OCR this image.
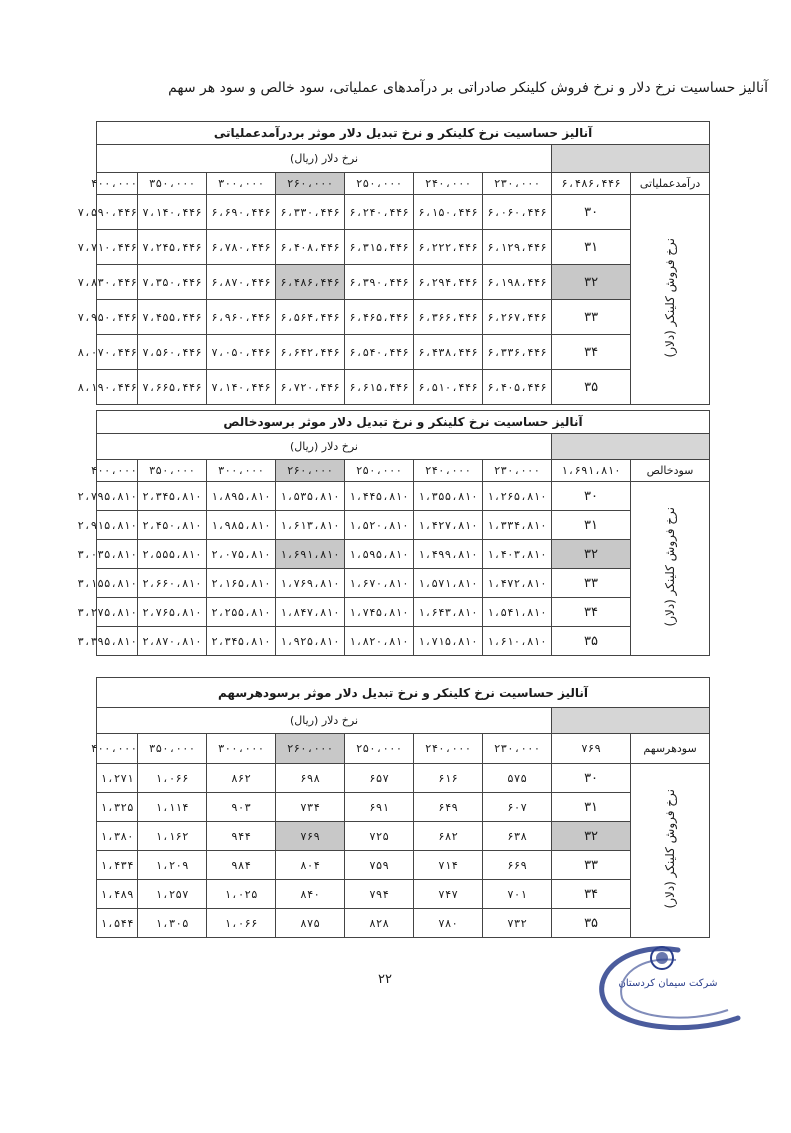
آنالیز حساسیت نرخ دلار و نرخ فروش کلینکر صادراتی بر درآمدهای عملیاتی، سود خالص و سود هر سهم
آنالیز حساسیت نرخ کلینکر و نرخ تبدیل دلار موثر بردرآمدعملیاتی								
		نرخ دلار (ریال)						
درآمدعملیاتی	۶،۴۸۶،۴۴۶	۲۳۰،۰۰۰	۲۴۰،۰۰۰	۲۵۰،۰۰۰	۲۶۰،۰۰۰	۳۰۰،۰۰۰	۳۵۰،۰۰۰	۴۰۰،۰۰۰
نرخ فروش کلینکر (دلار)	۳۰	۶،۰۶۰،۴۴۶	۶،۱۵۰،۴۴۶	۶،۲۴۰،۴۴۶	۶،۳۳۰،۴۴۶	۶،۶۹۰،۴۴۶	۷،۱۴۰،۴۴۶	۷،۵۹۰،۴۴۶
	۳۱	۶،۱۲۹،۴۴۶	۶،۲۲۲،۴۴۶	۶،۳۱۵،۴۴۶	۶،۴۰۸،۴۴۶	۶،۷۸۰،۴۴۶	۷،۲۴۵،۴۴۶	۷،۷۱۰،۴۴۶
	۳۲	۶،۱۹۸،۴۴۶	۶،۲۹۴،۴۴۶	۶،۳۹۰،۴۴۶	۶،۴۸۶،۴۴۶	۶،۸۷۰،۴۴۶	۷،۳۵۰،۴۴۶	۷،۸۳۰،۴۴۶
	۳۳	۶،۲۶۷،۴۴۶	۶،۳۶۶،۴۴۶	۶،۴۶۵،۴۴۶	۶،۵۶۴،۴۴۶	۶،۹۶۰،۴۴۶	۷،۴۵۵،۴۴۶	۷،۹۵۰،۴۴۶
	۳۴	۶،۳۳۶،۴۴۶	۶،۴۳۸،۴۴۶	۶،۵۴۰،۴۴۶	۶،۶۴۲،۴۴۶	۷،۰۵۰،۴۴۶	۷،۵۶۰،۴۴۶	۸،۰۷۰،۴۴۶
	۳۵	۶،۴۰۵،۴۴۶	۶،۵۱۰،۴۴۶	۶،۶۱۵،۴۴۶	۶،۷۲۰،۴۴۶	۷،۱۴۰،۴۴۶	۷،۶۶۵،۴۴۶	۸،۱۹۰،۴۴۶
آنالیز حساسیت نرخ کلینکر و نرخ تبدیل دلار موثر برسودخالص								
		نرخ دلار (ریال)						
سودخالص	۱،۶۹۱،۸۱۰	۲۳۰،۰۰۰	۲۴۰،۰۰۰	۲۵۰،۰۰۰	۲۶۰،۰۰۰	۳۰۰،۰۰۰	۳۵۰،۰۰۰	۴۰۰،۰۰۰
نرخ فروش کلینکر (دلار)	۳۰	۱،۲۶۵،۸۱۰	۱،۳۵۵،۸۱۰	۱،۴۴۵،۸۱۰	۱،۵۳۵،۸۱۰	۱،۸۹۵،۸۱۰	۲،۳۴۵،۸۱۰	۲،۷۹۵،۸۱۰
	۳۱	۱،۳۳۴،۸۱۰	۱،۴۲۷،۸۱۰	۱،۵۲۰،۸۱۰	۱،۶۱۳،۸۱۰	۱،۹۸۵،۸۱۰	۲،۴۵۰،۸۱۰	۲،۹۱۵،۸۱۰
	۳۲	۱،۴۰۳،۸۱۰	۱،۴۹۹،۸۱۰	۱،۵۹۵،۸۱۰	۱،۶۹۱،۸۱۰	۲،۰۷۵،۸۱۰	۲،۵۵۵،۸۱۰	۳،۰۳۵،۸۱۰
	۳۳	۱،۴۷۲،۸۱۰	۱،۵۷۱،۸۱۰	۱،۶۷۰،۸۱۰	۱،۷۶۹،۸۱۰	۲،۱۶۵،۸۱۰	۲،۶۶۰،۸۱۰	۳،۱۵۵،۸۱۰
	۳۴	۱،۵۴۱،۸۱۰	۱،۶۴۳،۸۱۰	۱،۷۴۵،۸۱۰	۱،۸۴۷،۸۱۰	۲،۲۵۵،۸۱۰	۲،۷۶۵،۸۱۰	۳،۲۷۵،۸۱۰
	۳۵	۱،۶۱۰،۸۱۰	۱،۷۱۵،۸۱۰	۱،۸۲۰،۸۱۰	۱،۹۲۵،۸۱۰	۲،۳۴۵،۸۱۰	۲،۸۷۰،۸۱۰	۳،۳۹۵،۸۱۰
آنالیز حساسیت نرخ کلینکر و نرخ تبدیل دلار موثر برسودهرسهم								
		نرخ دلار (ریال)						
سودهرسهم	۷۶۹	۲۳۰،۰۰۰	۲۴۰،۰۰۰	۲۵۰،۰۰۰	۲۶۰،۰۰۰	۳۰۰،۰۰۰	۳۵۰،۰۰۰	۴۰۰،۰۰۰
نرخ فروش کلینکر (دلار)	۳۰	۵۷۵	۶۱۶	۶۵۷	۶۹۸	۸۶۲	۱،۰۶۶	۱،۲۷۱
	۳۱	۶۰۷	۶۴۹	۶۹۱	۷۳۴	۹۰۳	۱،۱۱۴	۱،۳۲۵
	۳۲	۶۳۸	۶۸۲	۷۲۵	۷۶۹	۹۴۴	۱،۱۶۲	۱،۳۸۰
	۳۳	۶۶۹	۷۱۴	۷۵۹	۸۰۴	۹۸۴	۱،۲۰۹	۱،۴۳۴
	۳۴	۷۰۱	۷۴۷	۷۹۴	۸۴۰	۱،۰۲۵	۱،۲۵۷	۱،۴۸۹
	۳۵	۷۳۲	۷۸۰	۸۲۸	۸۷۵	۱،۰۶۶	۱،۳۰۵	۱،۵۴۴
۲۲	شرکت سیمان کردستان
